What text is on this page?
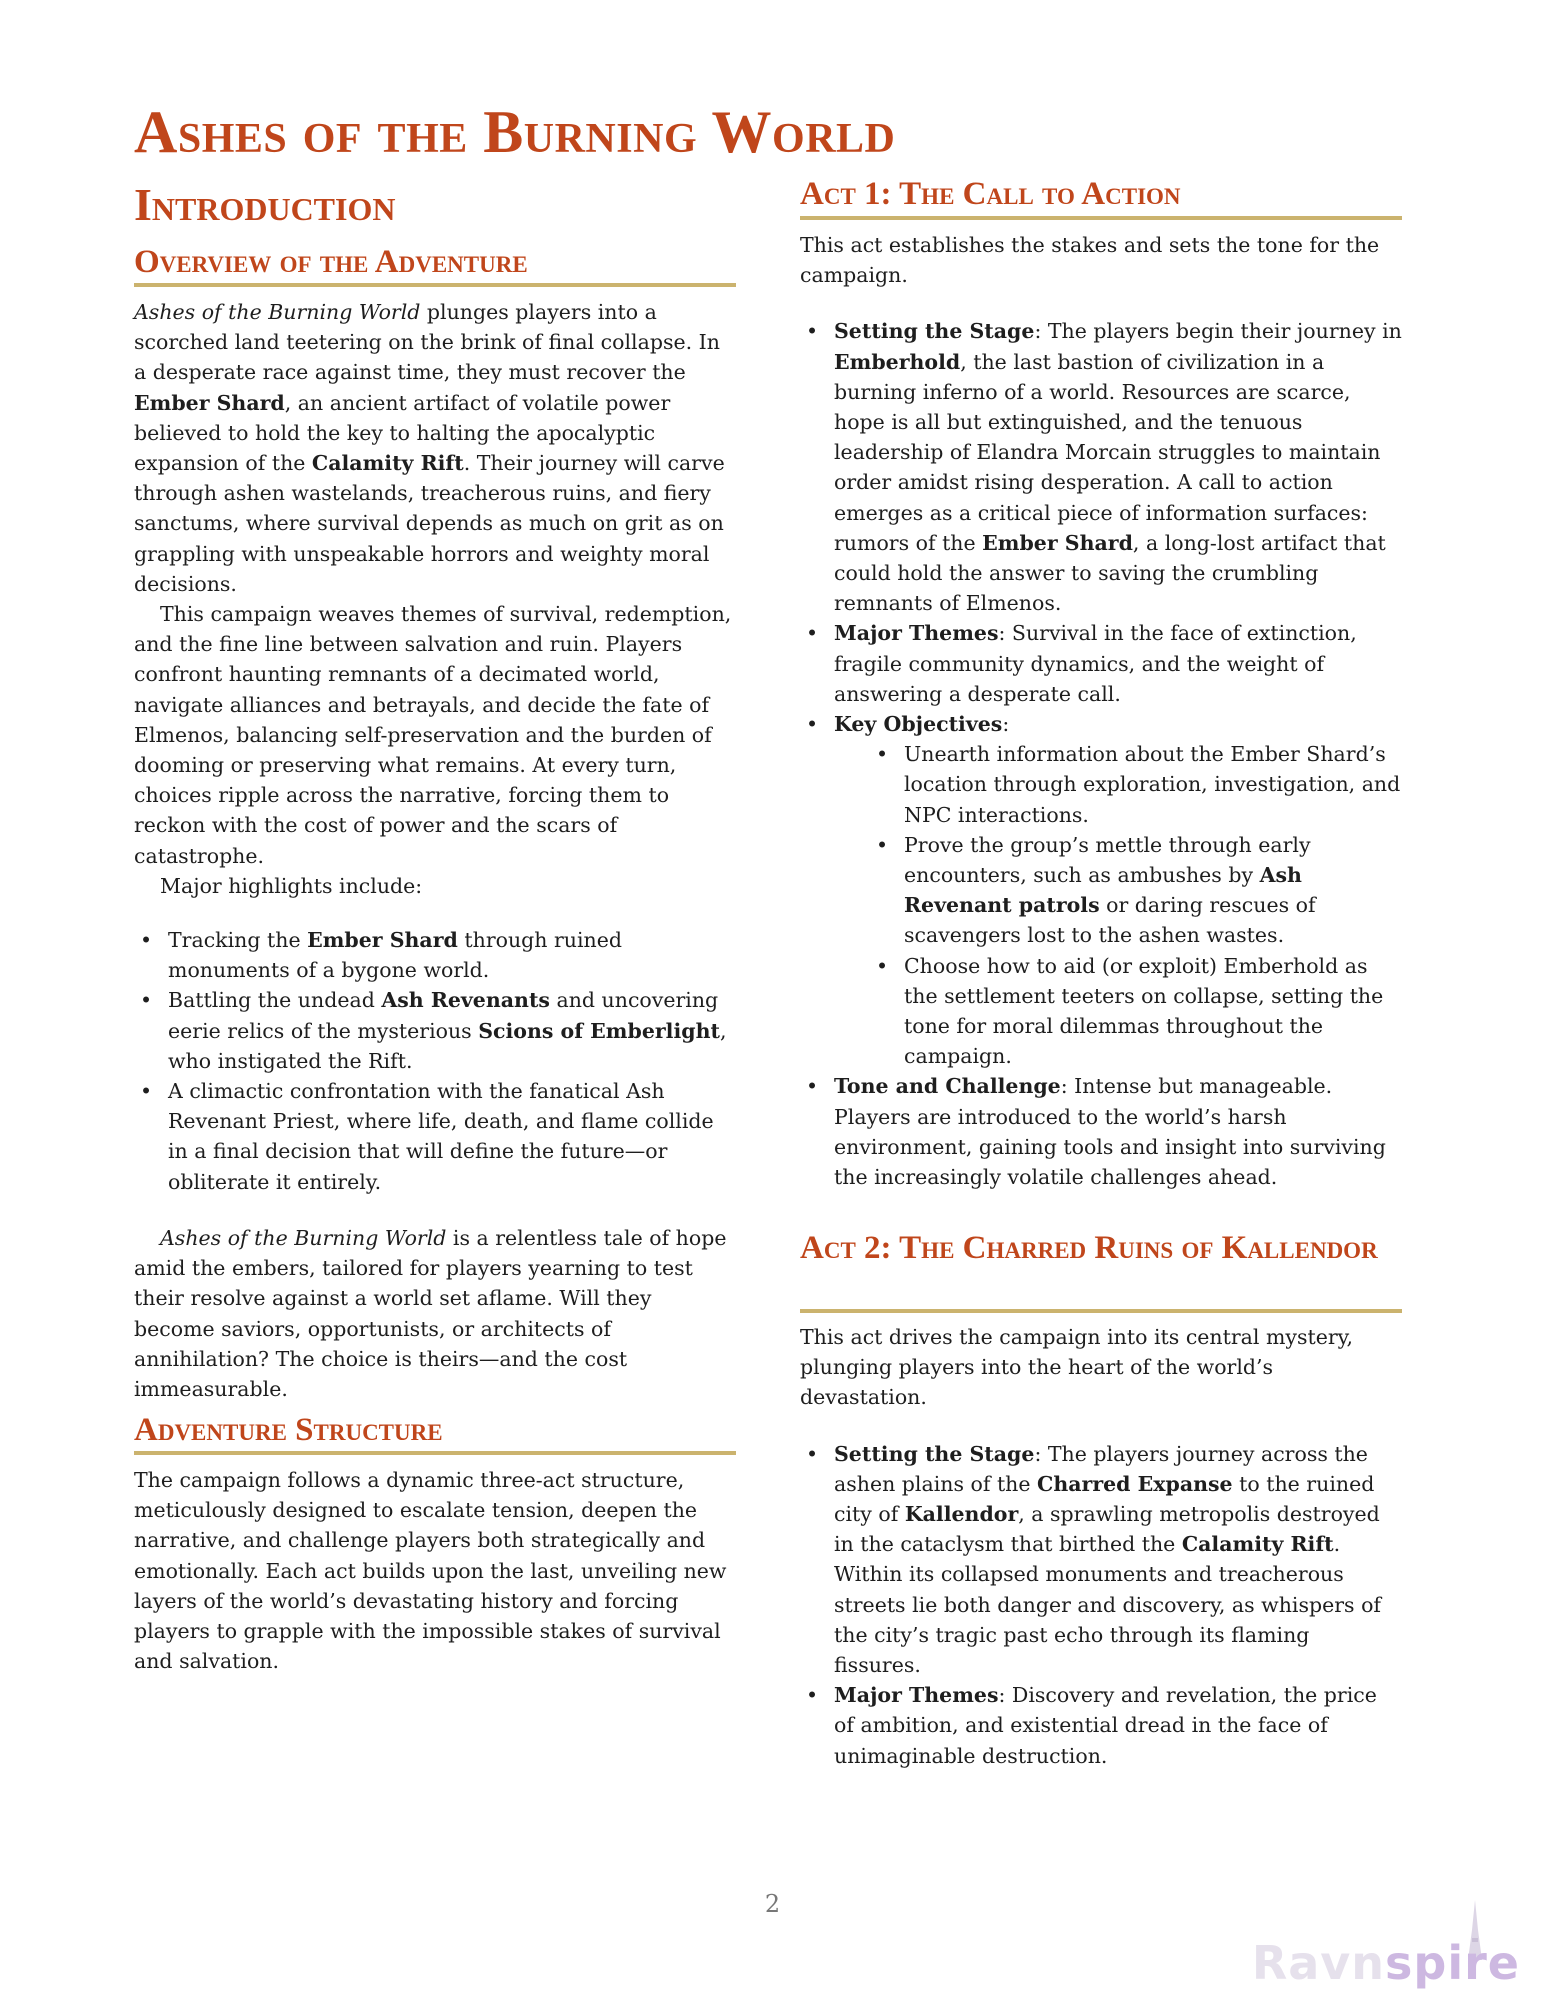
Ashes of the Burning World
Introduction
Overview of the Adventure

Ashes of the Burning World plunges players into a scorched land teetering on the brink of final collapse. In a desperate race against time, they must recover the Ember Shard, an ancient artifact of volatile power believed to hold the key to halting the apocalyptic expansion of the Calamity Rift. Their journey will carve through ashen wastelands, treacherous ruins, and fiery sanctums, where survival depends as much on grit as on grappling with unspeakable horrors and weighty moral decisions.

This campaign weaves themes of survival, redemption, and the fine line between salvation and ruin. Players confront haunting remnants of a decimated world, navigate alliances and betrayals, and decide the fate of Elmenos, balancing self-preservation and the burden of dooming or preserving what remains. At every turn, choices ripple across the narrative, forcing them to reckon with the cost of power and the scars of catastrophe.

Major highlights include:

• Tracking the Ember Shard through ruined monuments of a bygone world.
• Battling the undead Ash Revenants and uncovering eerie relics of the mysterious Scions of Emberlight, who instigated the Rift.
• A climactic confrontation with the fanatical Ash Revenant Priest, where life, death, and flame collide in a final decision that will define the future—or obliterate it entirely.

Ashes of the Burning World is a relentless tale of hope amid the embers, tailored for players yearning to test their resolve against a world set aflame. Will they become saviors, opportunists, or architects of annihilation? The choice is theirs—and the cost immeasurable.

Adventure Structure

The campaign follows a dynamic three-act structure, meticulously designed to escalate tension, deepen the narrative, and challenge players both strategically and emotionally. Each act builds upon the last, unveiling new layers of the world’s devastating history and forcing players to grapple with the impossible stakes of survival and salvation.

Act 1: The Call to Action

This act establishes the stakes and sets the tone for the campaign.

• Setting the Stage: The players begin their journey in Emberhold, the last bastion of civilization in a burning inferno of a world. Resources are scarce, hope is all but extinguished, and the tenuous leadership of Elandra Morcain struggles to maintain order amidst rising desperation. A call to action emerges as a critical piece of information surfaces: rumors of the Ember Shard, a long-lost artifact that could hold the answer to saving the crumbling remnants of Elmenos.
• Major Themes: Survival in the face of extinction, fragile community dynamics, and the weight of answering a desperate call.
• Key Objectives:
• Unearth information about the Ember Shard’s location through exploration, investigation, and NPC interactions.
• Prove the group’s mettle through early encounters, such as ambushes by Ash Revenant patrols or daring rescues of scavengers lost to the ashen wastes.
• Choose how to aid (or exploit) Emberhold as the settlement teeters on collapse, setting the tone for moral dilemmas throughout the campaign.
• Tone and Challenge: Intense but manageable. Players are introduced to the world’s harsh environment, gaining tools and insight into surviving the increasingly volatile challenges ahead.
Act 2: The Charred Ruins of Kallendor

This act drives the campaign into its central mystery, plunging players into the heart of the world’s devastation.

• Setting the Stage: The players journey across the ashen plains of the Charred Expanse to the ruined city of Kallendor, a sprawling metropolis destroyed in the cataclysm that birthed the Calamity Rift. Within its collapsed monuments and treacherous streets lie both danger and discovery, as whispers of the city’s tragic past echo through its flaming fissures.
• Major Themes: Discovery and revelation, the price of ambition, and existential dread in the face of unimaginable destruction.
2
Ravnspire
